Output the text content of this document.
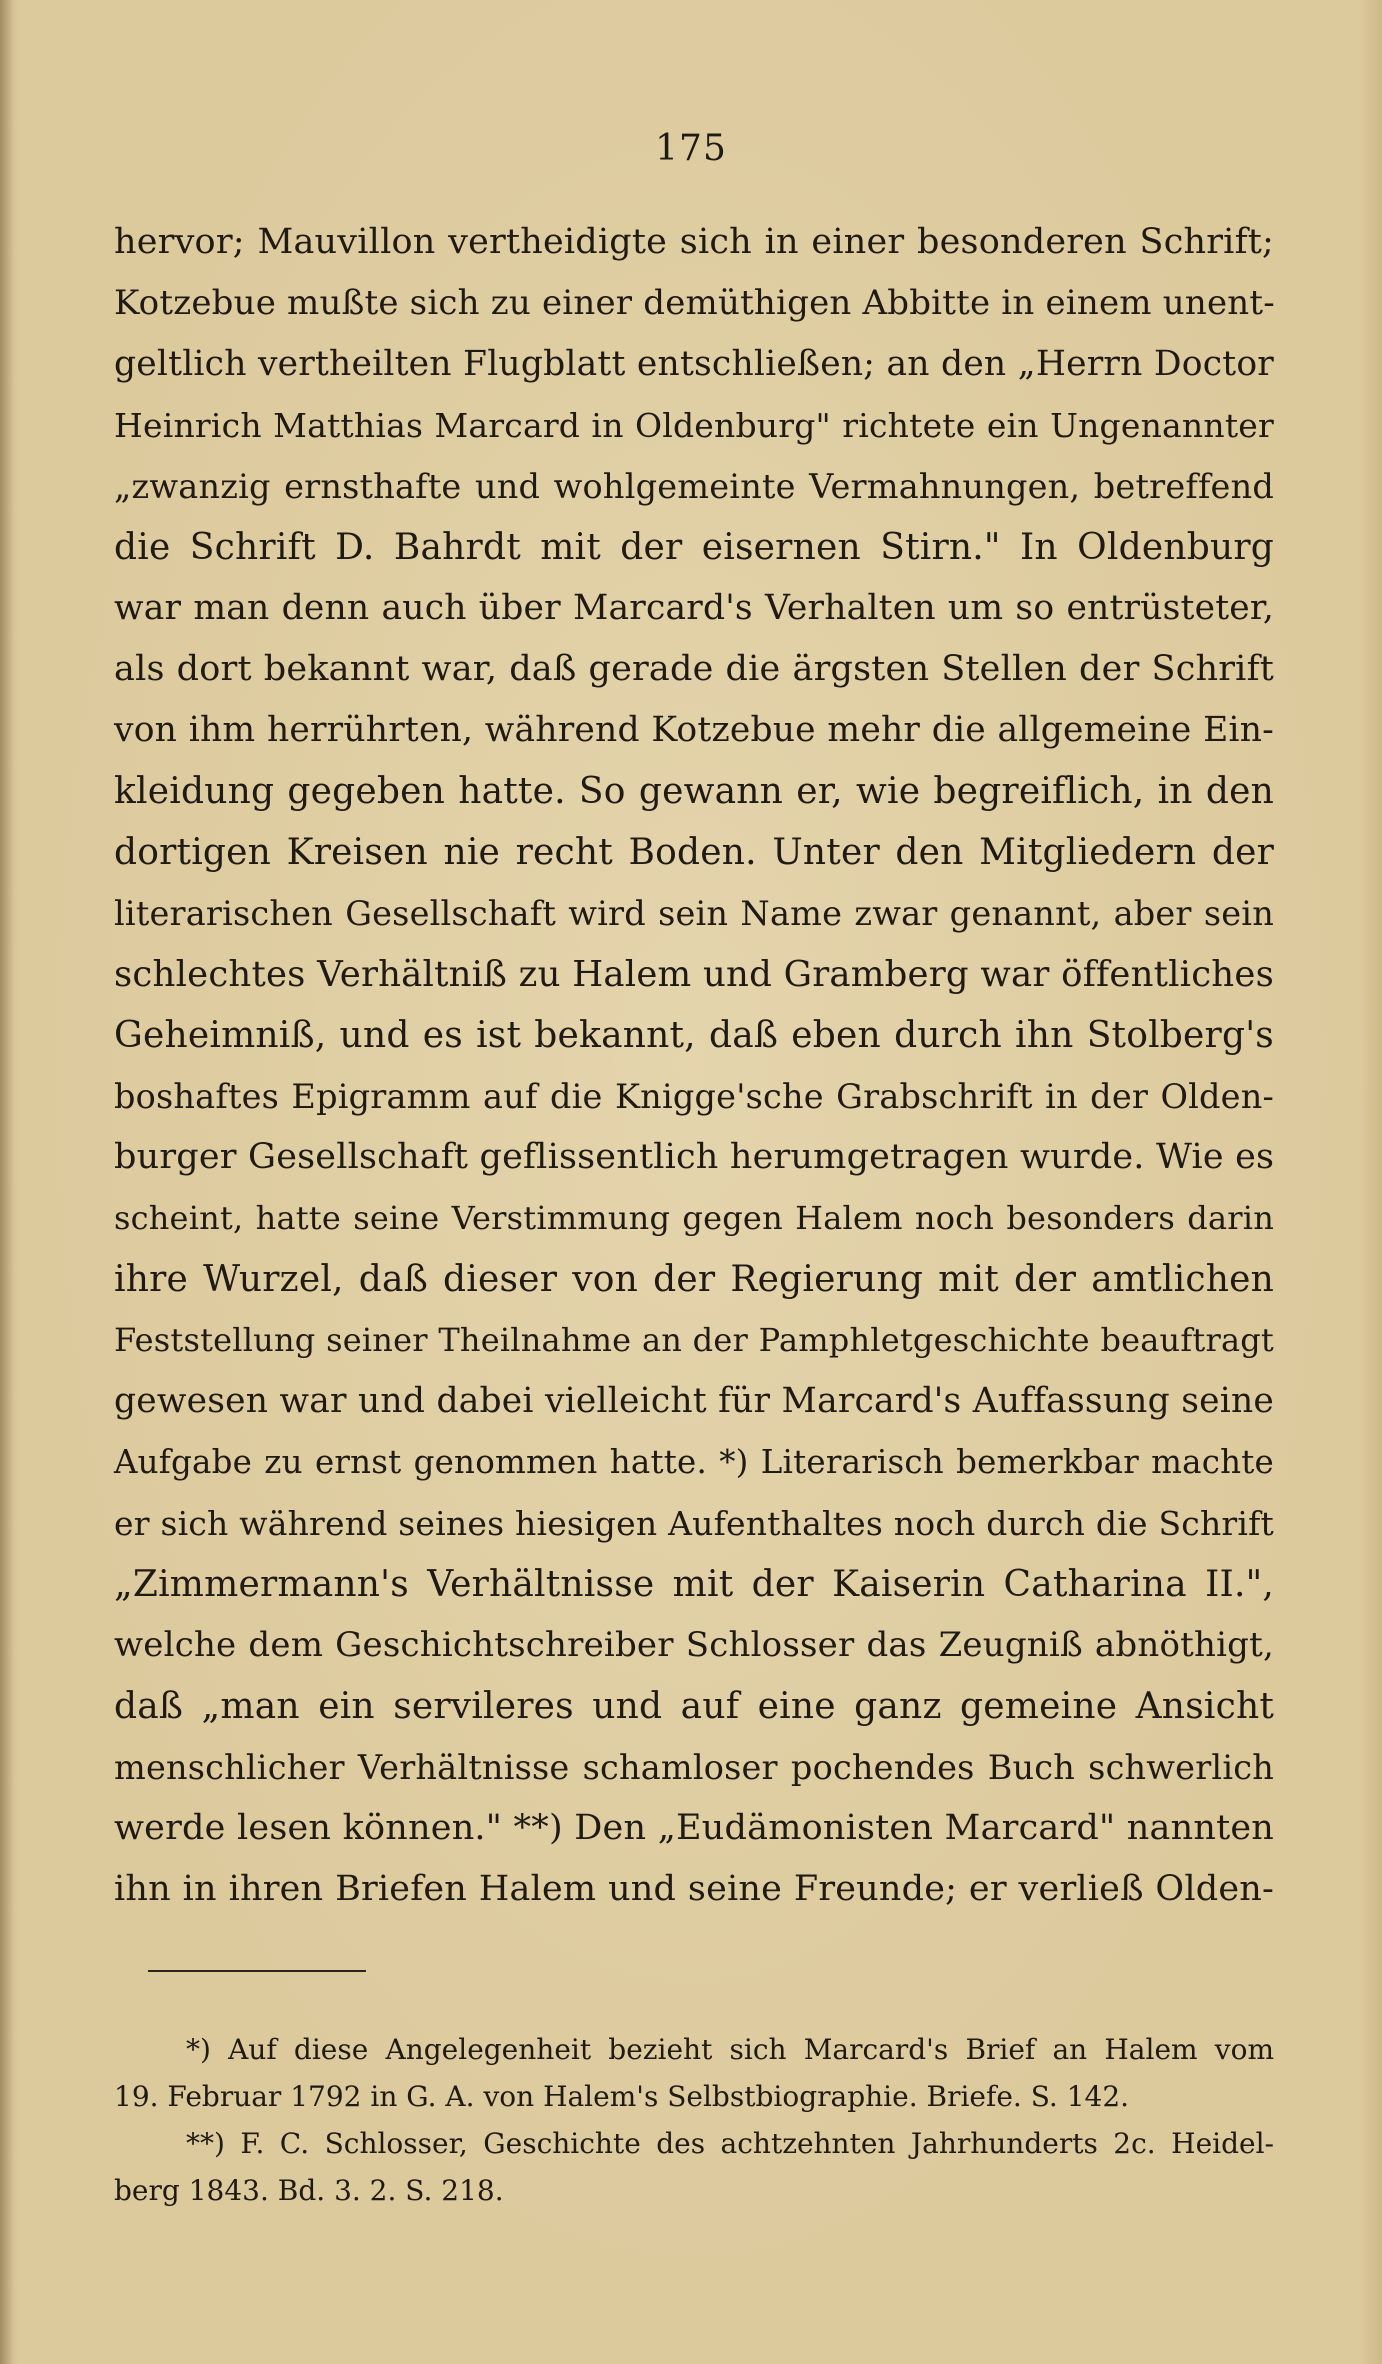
175
hervor; Mauvillon vertheidigte sich in einer besonderen Schrift;
Kotzebue mußte sich zu einer demüthigen Abbitte in einem unent-
geltlich vertheilten Flugblatt entschließen; an den „Herrn Doctor
Heinrich Matthias Marcard in Oldenburg" richtete ein Ungenannter
„zwanzig ernsthafte und wohlgemeinte Vermahnungen, betreffend
die Schrift D. Bahrdt mit der eisernen Stirn." In Oldenburg
war man denn auch über Marcard's Verhalten um so entrüsteter,
als dort bekannt war, daß gerade die ärgsten Stellen der Schrift
von ihm herrührten, während Kotzebue mehr die allgemeine Ein-
kleidung gegeben hatte. So gewann er, wie begreiflich, in den
dortigen Kreisen nie recht Boden. Unter den Mitgliedern der
literarischen Gesellschaft wird sein Name zwar genannt, aber sein
schlechtes Verhältniß zu Halem und Gramberg war öffentliches
Geheimniß, und es ist bekannt, daß eben durch ihn Stolberg's
boshaftes Epigramm auf die Knigge'sche Grabschrift in der Olden-
burger Gesellschaft geflissentlich herumgetragen wurde. Wie es
scheint, hatte seine Verstimmung gegen Halem noch besonders darin
ihre Wurzel, daß dieser von der Regierung mit der amtlichen
Feststellung seiner Theilnahme an der Pamphletgeschichte beauftragt
gewesen war und dabei vielleicht für Marcard's Auffassung seine
Aufgabe zu ernst genommen hatte. *) Literarisch bemerkbar machte
er sich während seines hiesigen Aufenthaltes noch durch die Schrift
„Zimmermann's Verhältnisse mit der Kaiserin Catharina II.",
welche dem Geschichtschreiber Schlosser das Zeugniß abnöthigt,
daß „man ein servileres und auf eine ganz gemeine Ansicht
menschlicher Verhältnisse schamloser pochendes Buch schwerlich
werde lesen können." **) Den „Eudämonisten Marcard" nannten
ihn in ihren Briefen Halem und seine Freunde; er verließ Olden-
*) Auf diese Angelegenheit bezieht sich Marcard's Brief an Halem vom
19. Februar 1792 in G. A. von Halem's Selbstbiographie. Briefe. S. 142.
**) F. C. Schlosser, Geschichte des achtzehnten Jahrhunderts 2c. Heidel-
berg 1843. Bd. 3. 2. S. 218.
